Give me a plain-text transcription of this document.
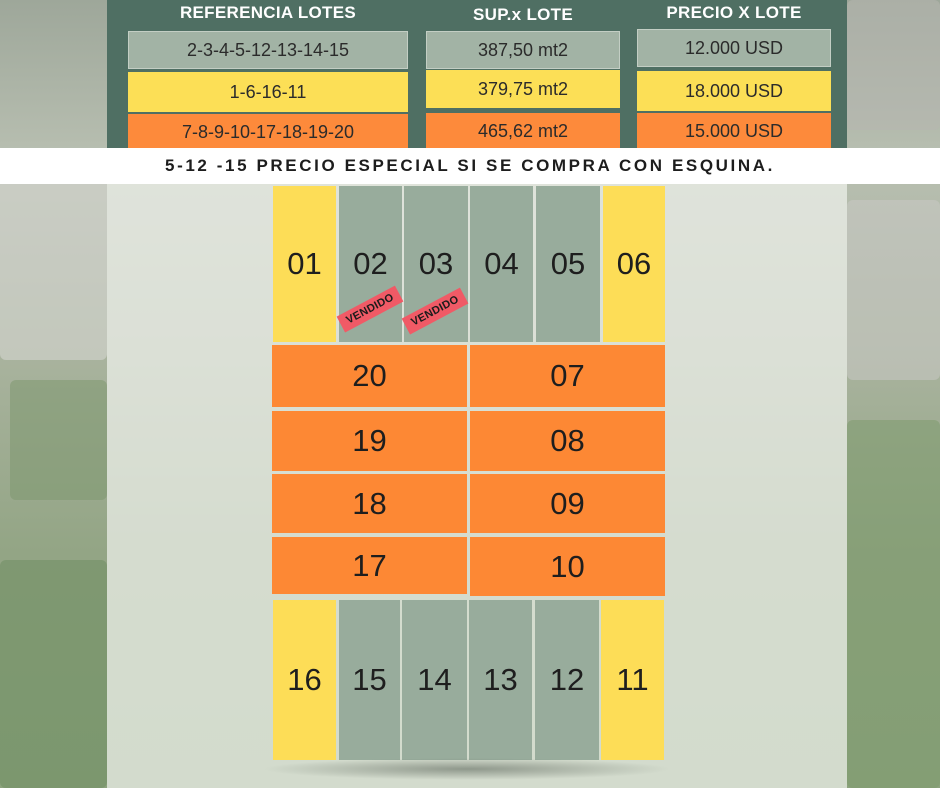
REFERENCIA LOTES	SUP.x LOTE	PRECIO X LOTE
2-3-4-5-12-13-14-15	387,50 mt2	12.000 USD
1-6-16-11	379,75 mt2	18.000 USD
7-8-9-10-17-18-19-20	465,62 mt2	15.000 USD
5-12 -15 PRECIO ESPECIAL SI SE COMPRA CON ESQUINA.
01	02	03	04	05	06
VENDIDO	VENDIDO
20
19
18
17
07
08
09
10
16 15 14	13	12	11
